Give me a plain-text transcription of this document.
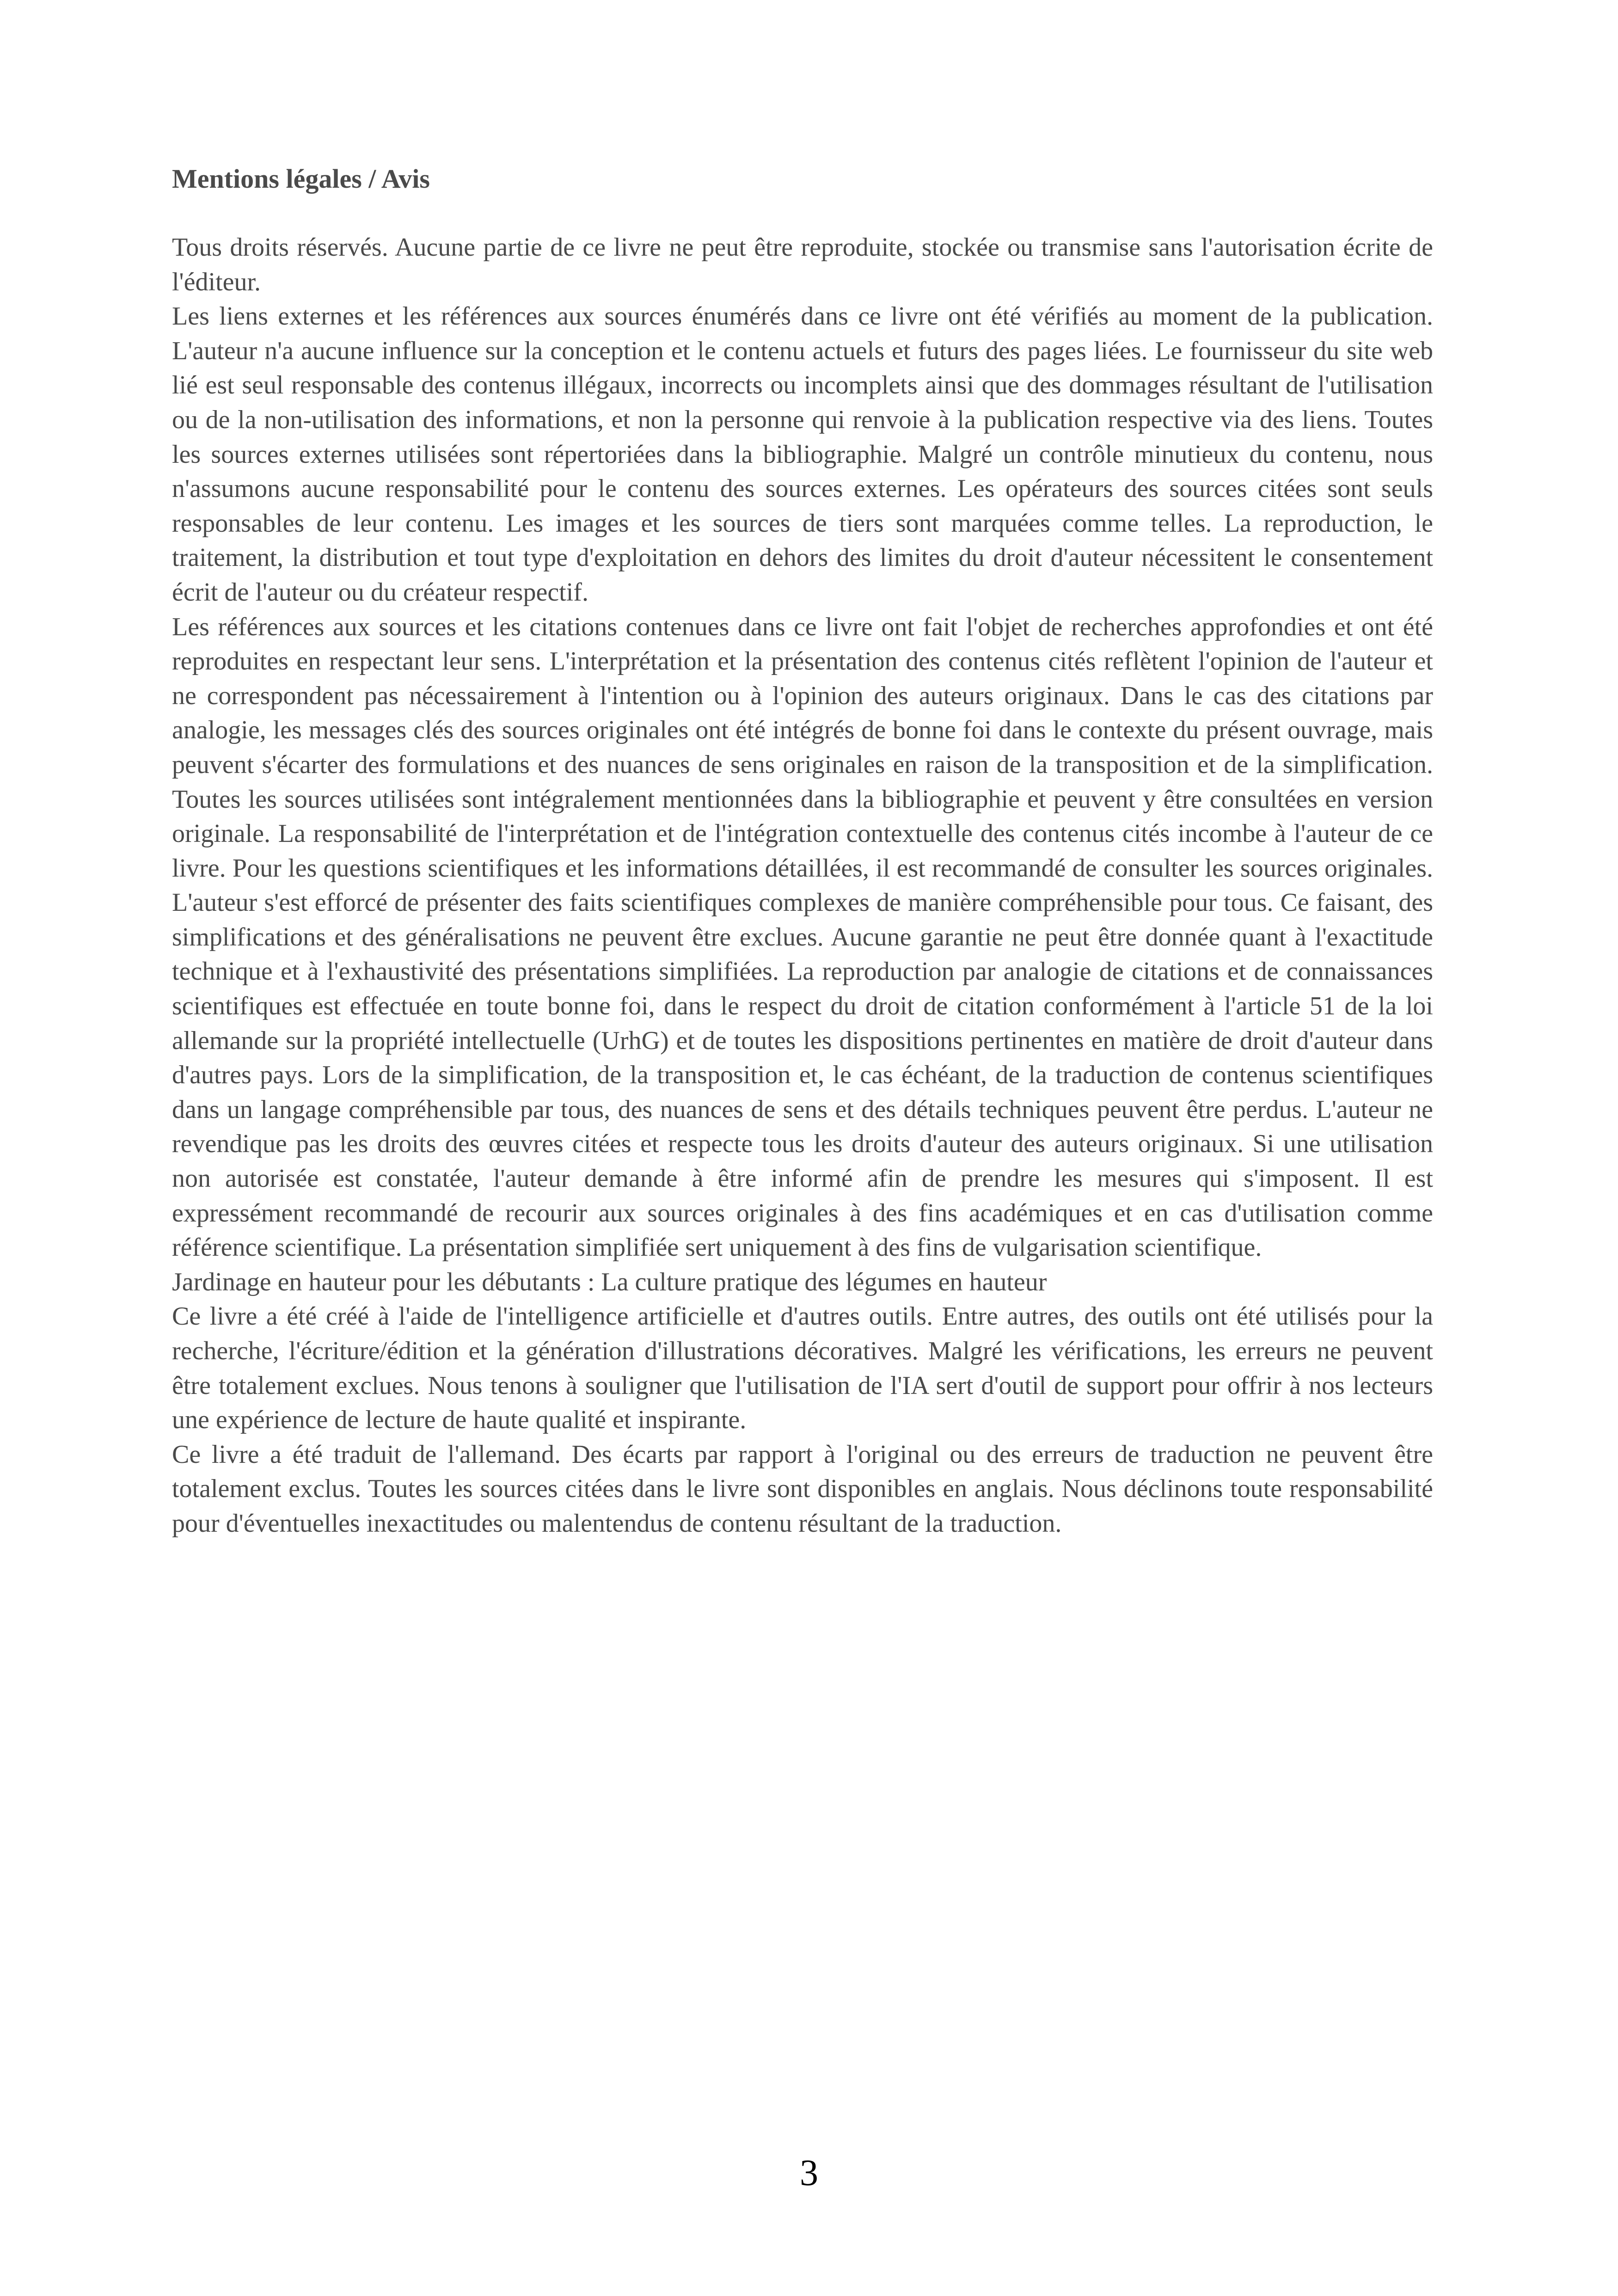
Mentions légales / Avis

Tous droits réservés. Aucune partie de ce livre ne peut être reproduite, stockée ou transmise sans l'autorisation écrite de l'éditeur.

Les liens externes et les références aux sources énumérés dans ce livre ont été vérifiés au moment de la publication. L'auteur n'a aucune influence sur la conception et le contenu actuels et futurs des pages liées. Le fournisseur du site web lié est seul responsable des contenus illégaux, incorrects ou incomplets ainsi que des dommages résultant de l'utilisation ou de la non-utilisation des informations, et non la personne qui renvoie à la publication respective via des liens. Toutes les sources externes utilisées sont répertoriées dans la bibliographie. Malgré un contrôle minutieux du contenu, nous n'assumons aucune responsabilité pour le contenu des sources externes. Les opérateurs des sources citées sont seuls responsables de leur contenu. Les images et les sources de tiers sont marquées comme telles. La reproduction, le traitement, la distribution et tout type d'exploitation en dehors des limites du droit d'auteur nécessitent le consentement écrit de l'auteur ou du créateur respectif.

Les références aux sources et les citations contenues dans ce livre ont fait l'objet de recherches approfondies et ont été reproduites en respectant leur sens. L'interprétation et la présentation des contenus cités reflètent l'opinion de l'auteur et ne correspondent pas nécessairement à l'intention ou à l'opinion des auteurs originaux. Dans le cas des citations par analogie, les messages clés des sources originales ont été intégrés de bonne foi dans le contexte du présent ouvrage, mais peuvent s'écarter des formulations et des nuances de sens originales en raison de la transposition et de la simplification. Toutes les sources utilisées sont intégralement mentionnées dans la bibliographie et peuvent y être consultées en version originale. La responsabilité de l'interprétation et de l'intégration contextuelle des contenus cités incombe à l'auteur de ce livre. Pour les questions scientifiques et les informations détaillées, il est recommandé de consulter les sources originales. L'auteur s'est efforcé de présenter des faits scientifiques complexes de manière compréhensible pour tous. Ce faisant, des simplifications et des généralisations ne peuvent être exclues. Aucune garantie ne peut être donnée quant à l'exactitude technique et à l'exhaustivité des présentations simplifiées. La reproduction par analogie de citations et de connaissances scientifiques est effectuée en toute bonne foi, dans le respect du droit de citation conformément à l'article 51 de la loi allemande sur la propriété intellectuelle (UrhG) et de toutes les dispositions pertinentes en matière de droit d'auteur dans d'autres pays. Lors de la simplification, de la transposition et, le cas échéant, de la traduction de contenus scientifiques dans un langage compréhensible par tous, des nuances de sens et des détails techniques peuvent être perdus. L'auteur ne revendique pas les droits des œuvres citées et respecte tous les droits d'auteur des auteurs originaux. Si une utilisation non autorisée est constatée, l'auteur demande à être informé afin de prendre les mesures qui s'imposent. Il est expressément recommandé de recourir aux sources originales à des fins académiques et en cas d'utilisation comme référence scientifique. La présentation simplifiée sert uniquement à des fins de vulgarisation scientifique.

Jardinage en hauteur pour les débutants : La culture pratique des légumes en hauteur

Ce livre a été créé à l'aide de l'intelligence artificielle et d'autres outils. Entre autres, des outils ont été utilisés pour la recherche, l'écriture/édition et la génération d'illustrations décoratives. Malgré les vérifications, les erreurs ne peuvent être totalement exclues. Nous tenons à souligner que l'utilisation de l'IA sert d'outil de support pour offrir à nos lecteurs une expérience de lecture de haute qualité et inspirante.

Ce livre a été traduit de l'allemand. Des écarts par rapport à l'original ou des erreurs de traduction ne peuvent être totalement exclus. Toutes les sources citées dans le livre sont disponibles en anglais. Nous déclinons toute responsabilité pour d'éventuelles inexactitudes ou malentendus de contenu résultant de la traduction.

3
